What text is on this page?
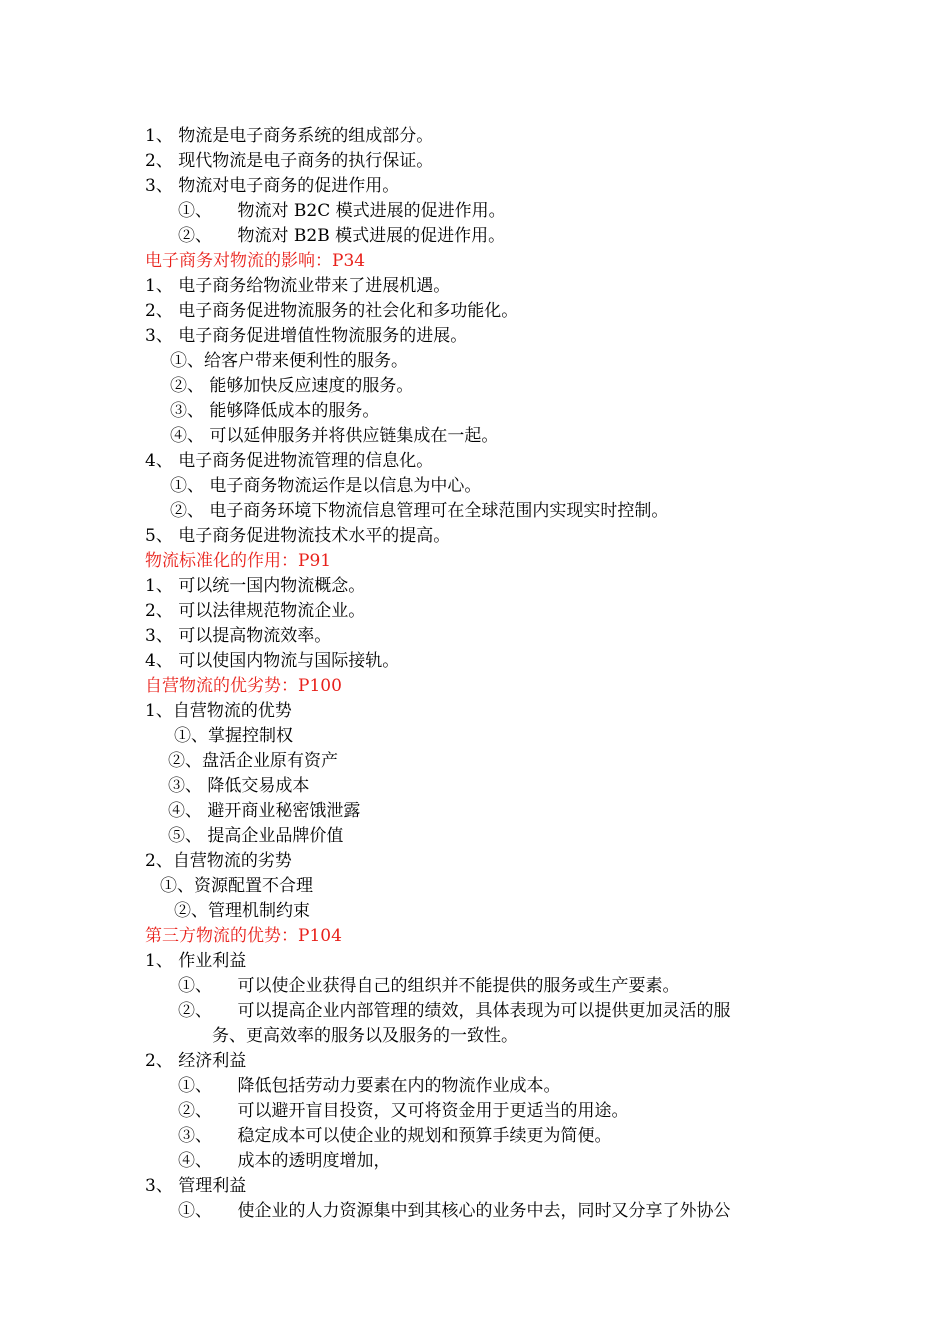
1、 物流是电子商务系统的组成部分。
2、 现代物流是电子商务的执行保证。
3、 物流对电子商务的促进作用。
①、　　物流对 B2C 模式进展的促进作用。
②、　　物流对 B2B 模式进展的促进作用。
电子商务对物流的影响：P34
1、 电子商务给物流业带来了进展机遇。
2、 电子商务促进物流服务的社会化和多功能化。
3、 电子商务促进增值性物流服务的进展。
①、给客户带来便利性的服务。
②、 能够加快反应速度的服务。
③、 能够降低成本的服务。
④、 可以延伸服务并将供应链集成在一起。
4、 电子商务促进物流管理的信息化。
①、 电子商务物流运作是以信息为中心。
②、 电子商务环境下物流信息管理可在全球范围内实现实时控制。
5、 电子商务促进物流技术水平的提高。
物流标准化的作用：P91
1、 可以统一国内物流概念。
2、 可以法律规范物流企业。
3、 可以提高物流效率。
4、 可以使国内物流与国际接轨。
自营物流的优劣势：P100
1、自营物流的优势
①、掌握控制权
②、盘活企业原有资产
③、 降低交易成本
④、 避开商业秘密饿泄露
⑤、 提高企业品牌价值
2、自营物流的劣势
①、资源配置不合理
②、管理机制约束
第三方物流的优势：P104
1、 作业利益
①、　　可以使企业获得自己的组织并不能提供的服务或生产要素。
②、　　可以提高企业内部管理的绩效，具体表现为可以提供更加灵活的服
务、更高效率的服务以及服务的一致性。
2、 经济利益
①、　　降低包括劳动力要素在内的物流作业成本。
②、　　可以避开盲目投资，又可将资金用于更适当的用途。
③、　　稳定成本可以使企业的规划和预算手续更为简便。
④、　　成本的透明度增加，
3、 管理利益
①、　　使企业的人力资源集中到其核心的业务中去，同时又分享了外协公
